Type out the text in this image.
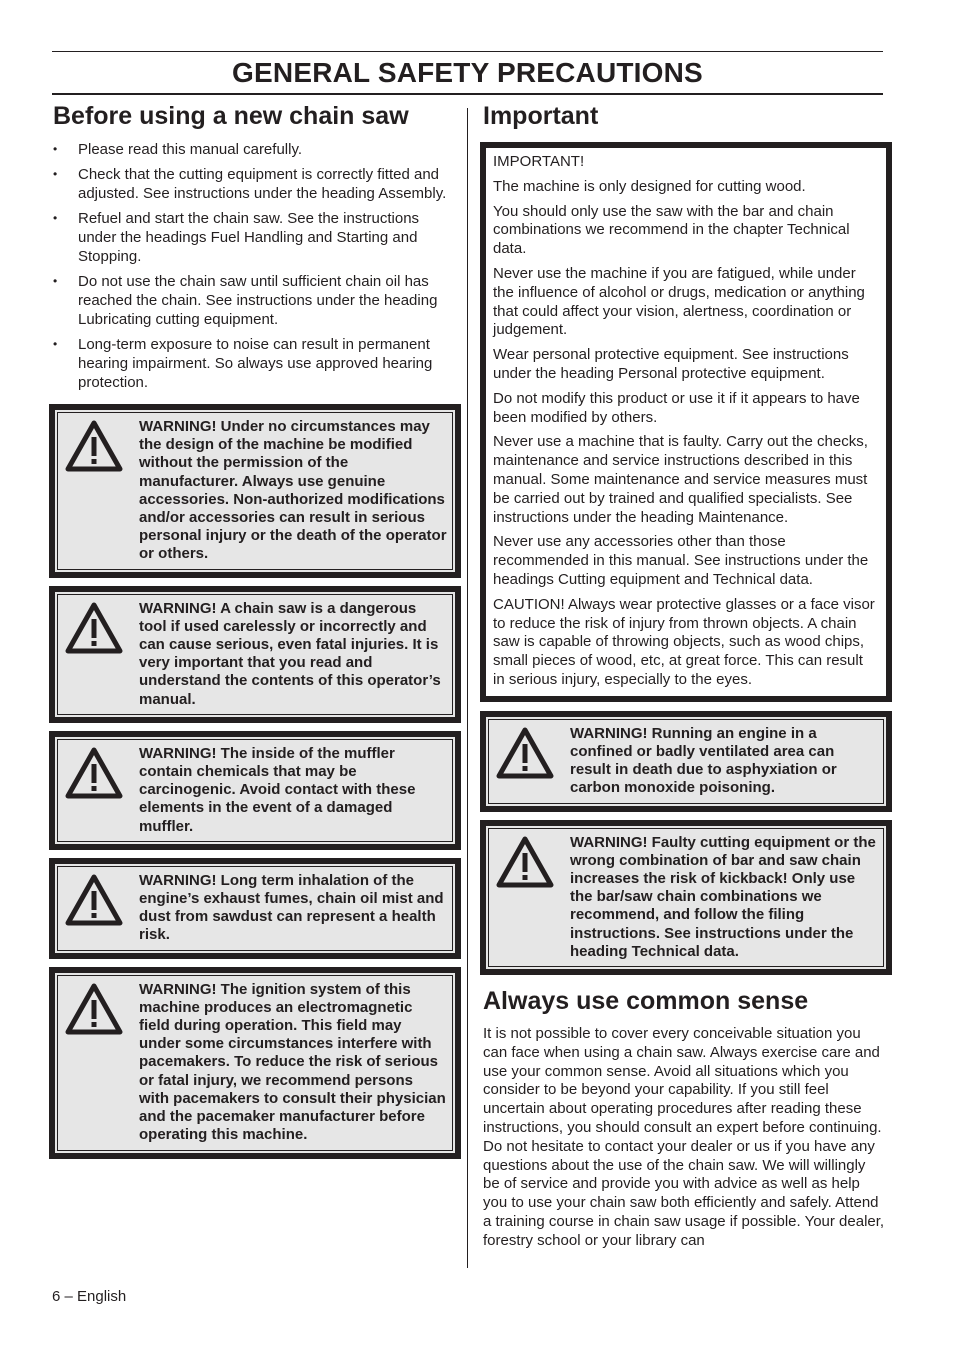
GENERAL SAFETY PRECAUTIONS
Before using a new chain saw
• Please read this manual carefully.
• Check that the cutting equipment is correctly fitted and adjusted. See instructions under the heading Assembly.
• Refuel and start the chain saw. See the instructions under the headings Fuel Handling and Starting and Stopping.
• Do not use the chain saw until sufficient chain oil has reached the chain. See instructions under the heading Lubricating cutting equipment.
• Long-term exposure to noise can result in permanent hearing impairment. So always use approved hearing protection.
WARNING! Under no circumstances may the design of the machine be modified without the permission of the manufacturer. Always use genuine accessories. Non-authorized modifications and/or accessories can result in serious personal injury or the death of the operator or others.
WARNING! A chain saw is a dangerous tool if used carelessly or incorrectly and can cause serious, even fatal injuries. It is very important that you read and understand the contents of this operator’s manual.
WARNING! The inside of the muffler contain chemicals that may be carcinogenic. Avoid contact with these elements in the event of a damaged muffler.
WARNING! Long term inhalation of the engine’s exhaust fumes, chain oil mist and dust from sawdust can represent a health risk.
WARNING! The ignition system of this machine produces an electromagnetic field during operation. This field may under some circumstances interfere with pacemakers. To reduce the risk of serious or fatal injury, we recommend persons with pacemakers to consult their physician and the pacemaker manufacturer before operating this machine.
Important

IMPORTANT!

The machine is only designed for cutting wood.

You should only use the saw with the bar and chain combinations we recommend in the chapter Technical data.

Never use the machine if you are fatigued, while under the influence of alcohol or drugs, medication or anything that could affect your vision, alertness, coordination or judgement.

Wear personal protective equipment. See instructions under the heading Personal protective equipment.

Do not modify this product or use it if it appears to have been modified by others.

Never use a machine that is faulty. Carry out the checks, maintenance and service instructions described in this manual. Some maintenance and service measures must be carried out by trained and qualified specialists. See instructions under the heading Maintenance.

Never use any accessories other than those recommended in this manual. See instructions under the headings Cutting equipment and Technical data.

CAUTION! Always wear protective glasses or a face visor to reduce the risk of injury from thrown objects. A chain saw is capable of throwing objects, such as wood chips, small pieces of wood, etc, at great force. This can result in serious injury, especially to the eyes.

WARNING! Running an engine in a confined or badly ventilated area can result in death due to asphyxiation or carbon monoxide poisoning.
WARNING! Faulty cutting equipment or the wrong combination of bar and saw chain increases the risk of kickback! Only use the bar/saw chain combinations we recommend, and follow the filing instructions. See instructions under the heading Technical data.
Always use common sense

It is not possible to cover every conceivable situation you can face when using a chain saw. Always exercise care and use your common sense. Avoid all situations which you consider to be beyond your capability. If you still feel uncertain about operating procedures after reading these instructions, you should consult an expert before continuing. Do not hesitate to contact your dealer or us if you have any questions about the use of the chain saw. We will willingly be of service and provide you with advice as well as help you to use your chain saw both efficiently and safely. Attend a training course in chain saw usage if possible. Your dealer, forestry school or your library can

6 – English
